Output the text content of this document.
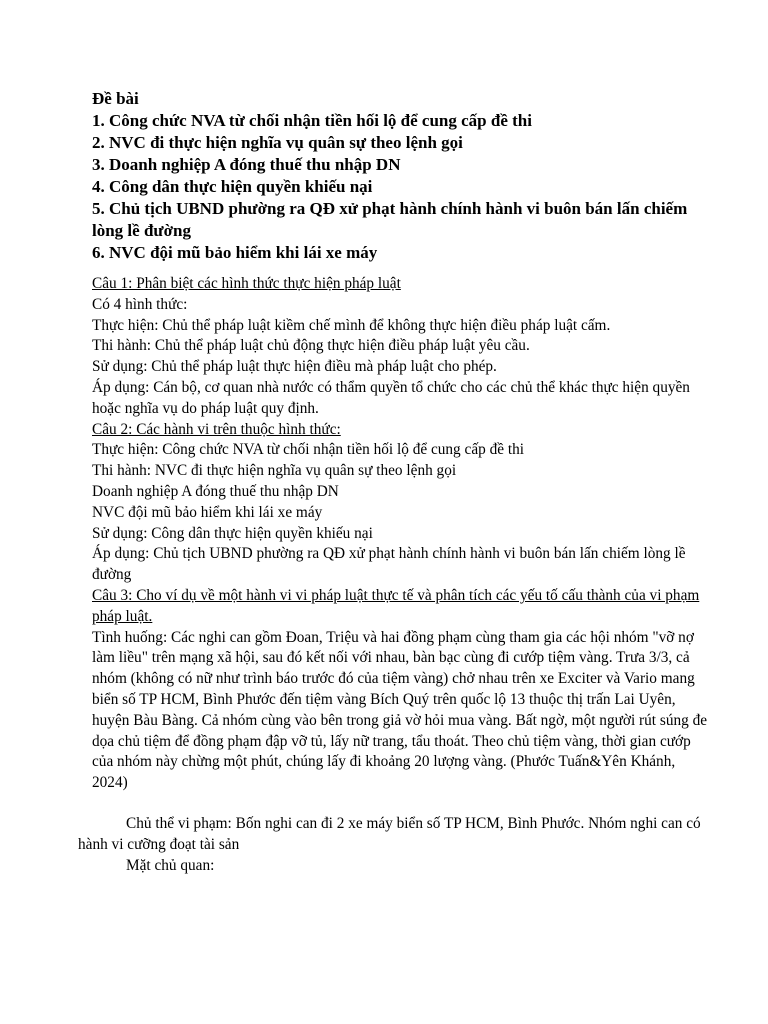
Đề bài
1. Công chức NVA từ chối nhận tiền hối lộ để cung cấp đề thi
2. NVC đi thực hiện nghĩa vụ quân sự theo lệnh gọi
3. Doanh nghiệp A đóng thuế thu nhập DN
4. Công dân thực hiện quyền khiếu nại
5. Chủ tịch UBND phường ra QĐ xử phạt hành chính hành vi buôn bán lấn chiếm lòng lề đường
6. NVC đội mũ bảo hiểm khi lái xe máy
Câu 1: Phân biệt các hình thức thực hiện pháp luật
Có 4 hình thức:
Thực hiện: Chủ thể pháp luật kiềm chế mình để không thực hiện điều pháp luật cấm.
Thi hành: Chủ thể pháp luật chủ động thực hiện điều pháp luật yêu cầu.
Sử dụng: Chủ thể pháp luật thực hiện điều mà pháp luật cho phép.
Áp dụng: Cán bộ, cơ quan nhà nước có thẩm quyền tổ chức cho các chủ thể khác thực hiện quyền hoặc nghĩa vụ do pháp luật quy định.
Câu 2: Các hành vi trên thuộc hình thức:
Thực hiện: Công chức NVA từ chối nhận tiền hối lộ để cung cấp đề thi
Thi hành: NVC đi thực hiện nghĩa vụ quân sự theo lệnh gọi
Doanh nghiệp A đóng thuế thu nhập DN
NVC đội mũ bảo hiểm khi lái xe máy
Sử dụng: Công dân thực hiện quyền khiếu nại
Áp dụng: Chủ tịch UBND phường ra QĐ xử phạt hành chính hành vi buôn bán lấn chiếm lòng lề đường
Câu 3: Cho ví dụ về một hành vi vi pháp luật thực tế và phân tích các yếu tố cấu thành của vi phạm pháp luật.
Tình huống: Các nghi can gồm Đoan, Triệu và hai đồng phạm cùng tham gia các hội nhóm "vỡ nợ làm liều" trên mạng xã hội, sau đó kết nối với nhau, bàn bạc cùng đi cướp tiệm vàng. Trưa 3/3, cả nhóm (không có nữ như trình báo trước đó của tiệm vàng) chở nhau trên xe Exciter và Vario mang biển số TP HCM, Bình Phước đến tiệm vàng Bích Quý trên quốc lộ 13 thuộc thị trấn Lai Uyên, huyện Bàu Bàng. Cả nhóm cùng vào bên trong giả vờ hỏi mua vàng. Bất ngờ, một người rút súng đe dọa chủ tiệm để đồng phạm đập vỡ tủ, lấy nữ trang, tẩu thoát. Theo chủ tiệm vàng, thời gian cướp của nhóm này chừng một phút, chúng lấy đi khoảng 20 lượng vàng. (Phước Tuấn&Yên Khánh, 2024)
Chủ thể vi phạm: Bốn nghi can đi 2 xe máy biển số TP HCM, Bình Phước. Nhóm nghi can có hành vi cưỡng đoạt tài sản
Mặt chủ quan:
